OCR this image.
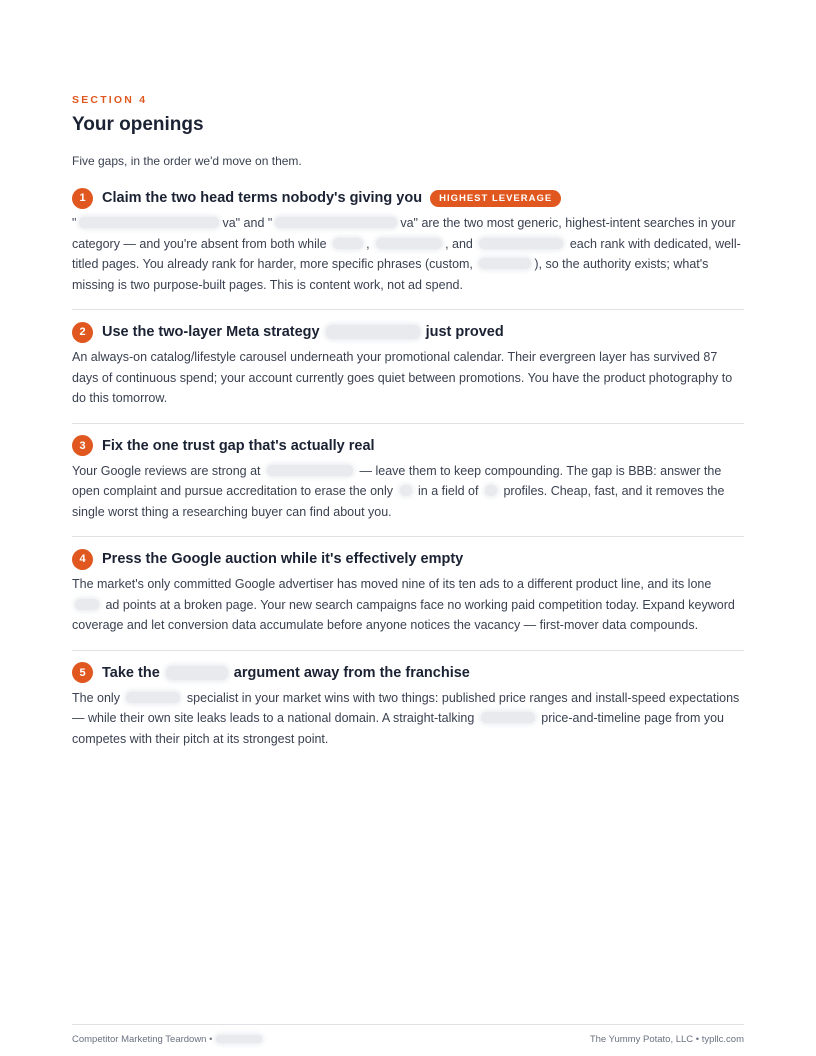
SECTION 4
Your openings

Five gaps, in the order we'd move on them.

1	Claim the two head terms nobody's giving you	HIGHEST LEVERAGE

"	va" and "	va" are the two most generic, highest-intent searches in your category — and you're absent from both while	,	, and	each rank with dedicated, well-titled pages. You already rank for harder, more specific phrases (custom,	), so the authority exists; what's missing is two purpose-built pages. This is content work, not ad spend.

2	Use the two-layer Meta strategy	just proved

An always-on catalog/lifestyle carousel underneath your promotional calendar. Their evergreen layer has survived 87 days of continuous spend; your account currently goes quiet between promotions. You have the product photography to do this tomorrow.

3	Fix the one trust gap that's actually real

Your Google reviews are strong at	— leave them to keep compounding. The gap is BBB: answer the open complaint and pursue accreditation to erase the only in a field of profiles. Cheap, fast, and it removes the single worst thing a researching buyer can find about you.

4	Press the Google auction while it's effectively empty

The market's only committed Google advertiser has moved nine of its ten ads to a different product line, and its lone  ad points at a broken page. Your new search campaigns face no working paid competition today. Expand keyword coverage and let conversion data accumulate before anyone notices the vacancy — first-mover data compounds.

5	Take the	argument away from the franchise

The only	specialist in your market wins with two things: published price ranges and install-speed expectations — while their own site leaks leads to a national domain. A straight-talking	price-and-timeline page from you competes with their pitch at its strongest point.

Competitor Marketing Teardown •	The Yummy Potato, LLC • typllc.com
